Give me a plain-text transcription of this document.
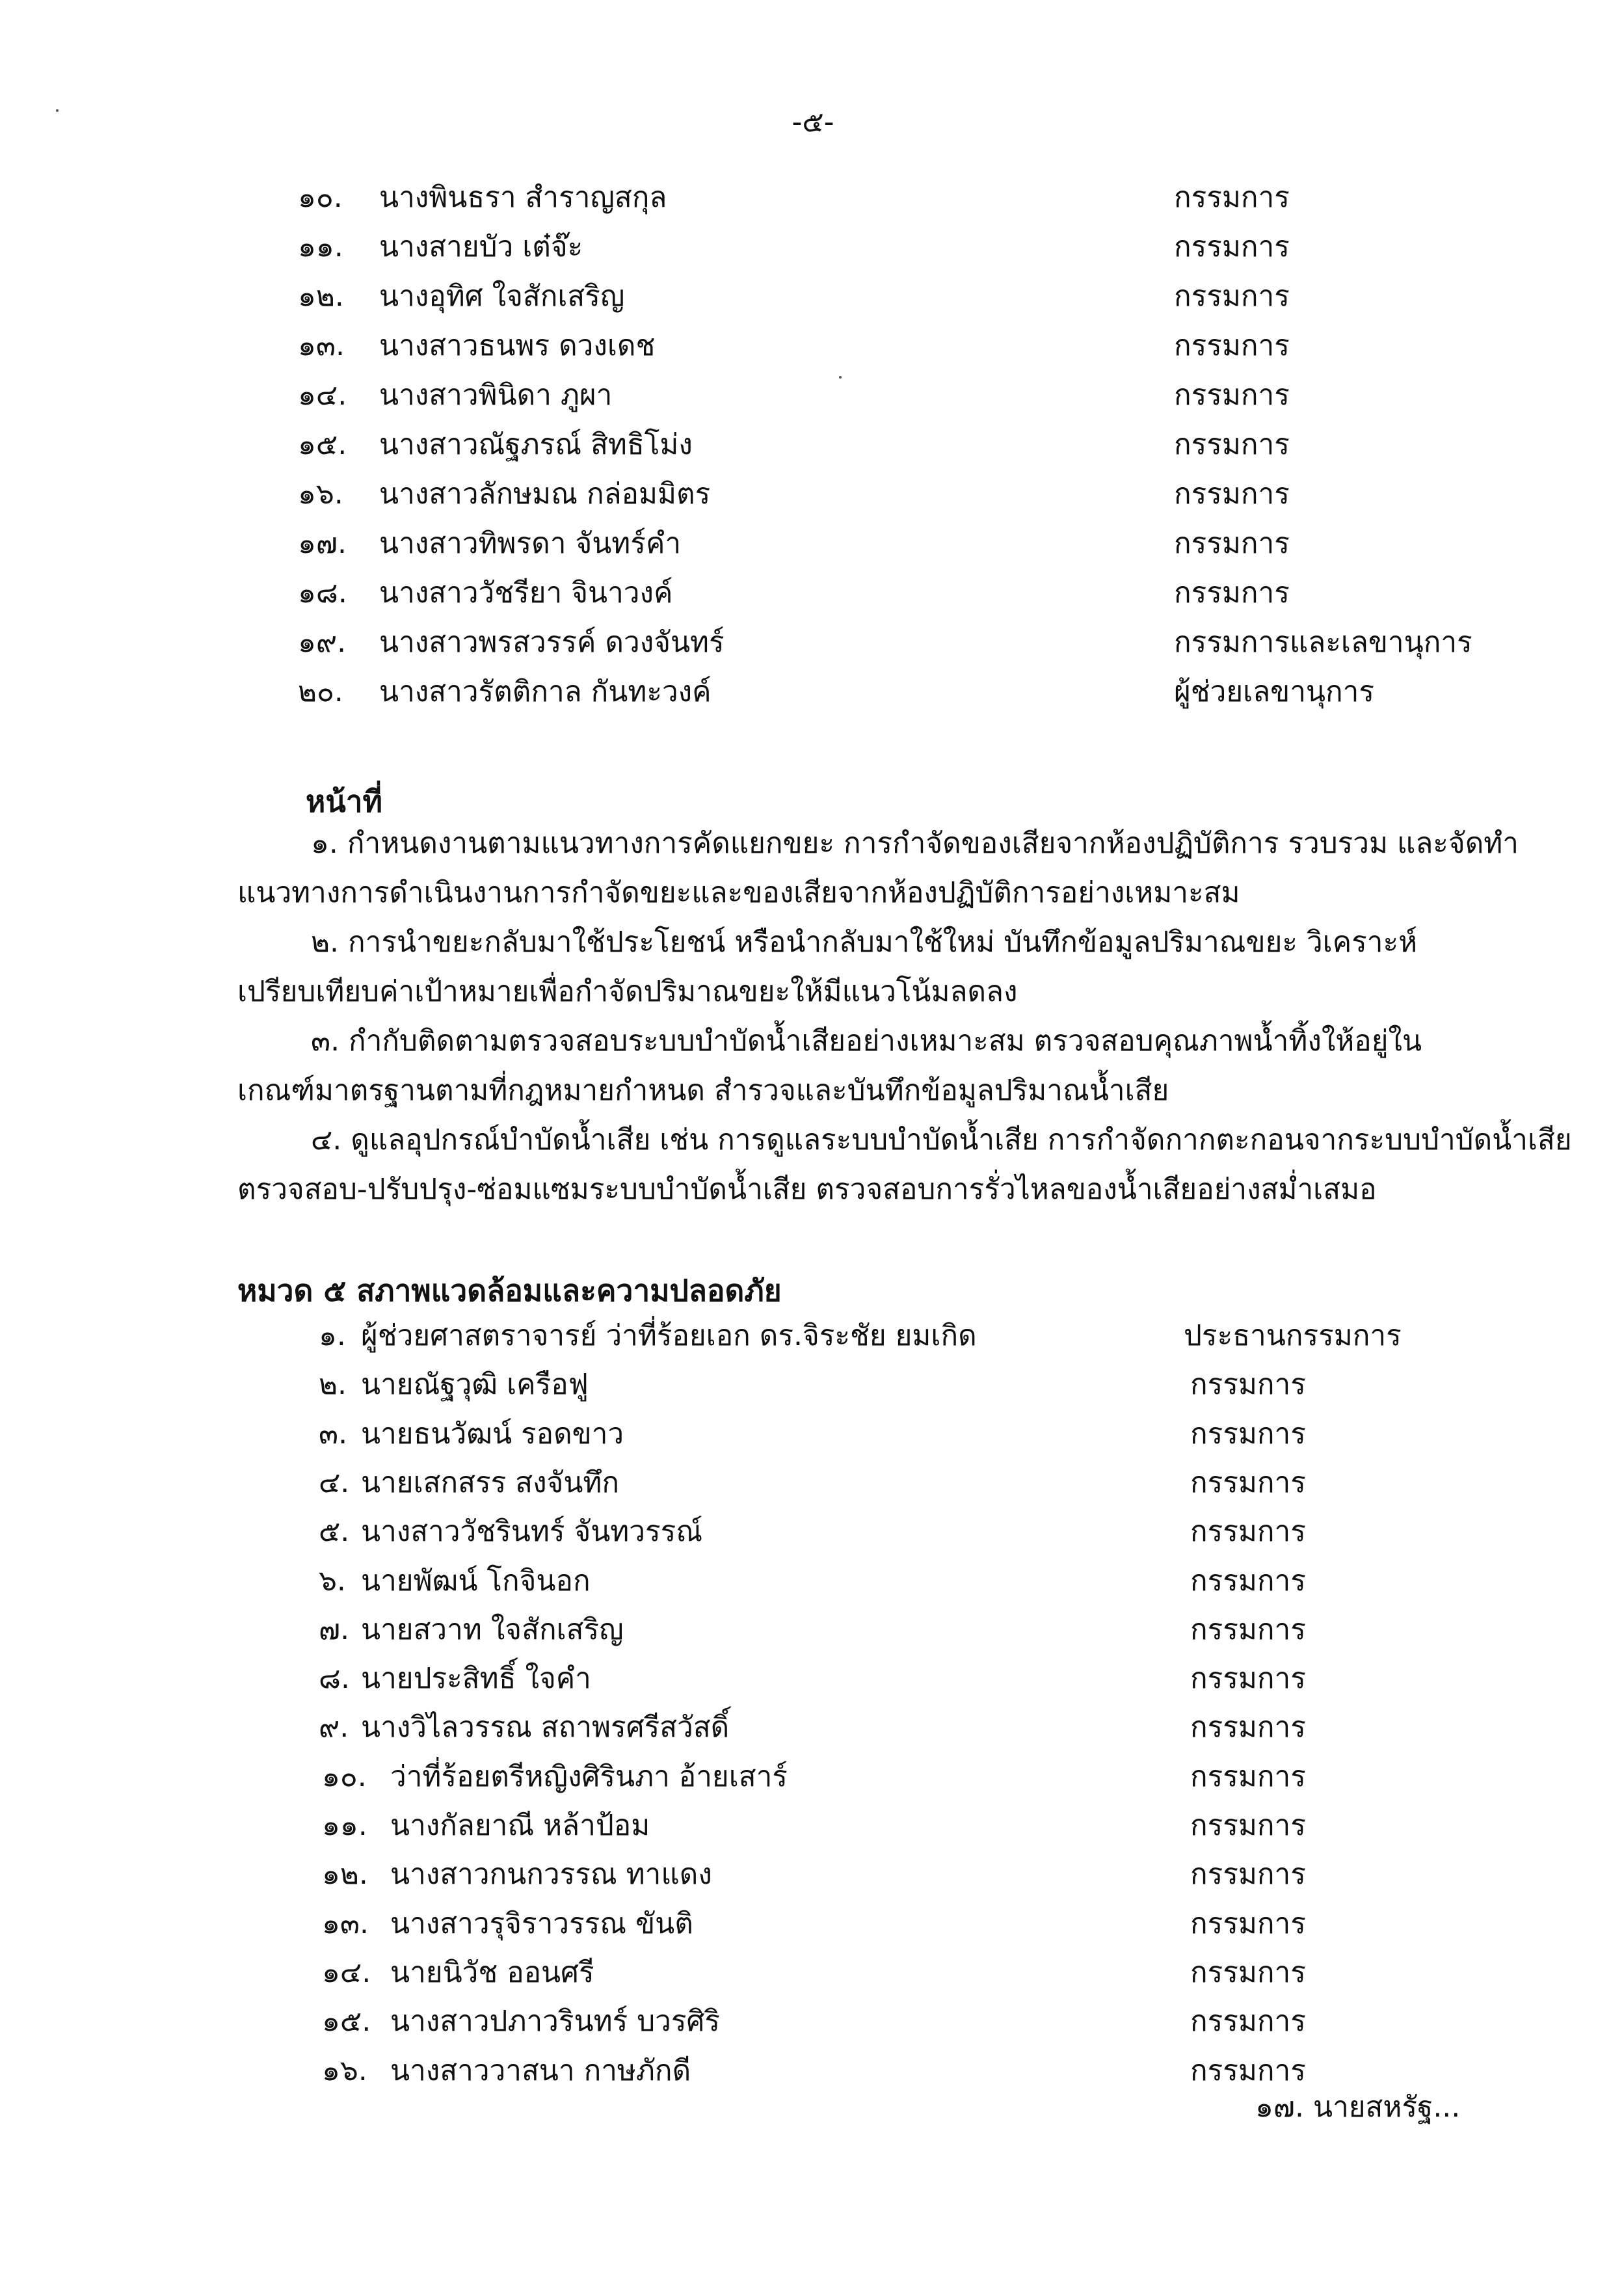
-๕-
๑๐. นางพินธรา สำราญสกุล	กรรมการ
๑๑. นางสายบัว เต๋จ๊ะ	กรรมการ
๑๒. นางอุทิศ ใจสักเสริญ	กรรมการ
๑๓. นางสาวธนพร ดวงเดช	กรรมการ
๑๔. นางสาวพินิดา ภูผา	กรรมการ
๑๕. นางสาวณัฐภรณ์ สิทธิโม่ง	กรรมการ
๑๖. นางสาวลักษมณ กล่อมมิตร	กรรมการ
๑๗. นางสาวทิพรดา จันทร์คำ	กรรมการ
๑๘. นางสาววัชรียา จินาวงค์	กรรมการ
๑๙. นางสาวพรสวรรค์ ดวงจันทร์	กรรมการและเลขานุการ
๒๐. นางสาวรัตติกาล กันทะวงค์	ผู้ช่วยเลขานุการ
หน้าที่
๑. กำหนดงานตามแนวทางการคัดแยกขยะ การกำจัดของเสียจากห้องปฏิบัติการ รวบรวม และจัดทำ
แนวทางการดำเนินงานการกำจัดขยะและของเสียจากห้องปฏิบัติการอย่างเหมาะสม
๒. การนำขยะกลับมาใช้ประโยชน์ หรือนำกลับมาใช้ใหม่ บันทึกข้อมูลปริมาณขยะ วิเคราะห์
เปรียบเทียบค่าเป้าหมายเพื่อกำจัดปริมาณขยะให้มีแนวโน้มลดลง
๓. กำกับติดตามตรวจสอบระบบบำบัดน้ำเสียอย่างเหมาะสม ตรวจสอบคุณภาพน้ำทิ้งให้อยู่ใน
เกณฑ์มาตรฐานตามที่กฎหมายกำหนด สำรวจและบันทึกข้อมูลปริมาณน้ำเสีย
๔. ดูแลอุปกรณ์บำบัดน้ำเสีย เช่น การดูแลระบบบำบัดน้ำเสีย การกำจัดกากตะกอนจากระบบบำบัดน้ำเสีย
ตรวจสอบ-ปรับปรุง-ซ่อมแซมระบบบำบัดน้ำเสีย ตรวจสอบการรั่วไหลของน้ำเสียอย่างสม่ำเสมอ
หมวด ๕ สภาพแวดล้อมและความปลอดภัย
๑. ผู้ช่วยศาสตราจารย์ ว่าที่ร้อยเอก ดร.จิระชัย ยมเกิด	ประธานกรรมการ
๒. นายณัฐวุฒิ เครือฟู	กรรมการ
๓. นายธนวัฒน์ รอดขาว	กรรมการ
๔. นายเสกสรร สงจันทึก	กรรมการ
๕. นางสาววัชรินทร์ จันทวรรณ์	กรรมการ
๖. นายพัฒน์ โกจินอก	กรรมการ
๗. นายสวาท ใจสักเสริญ	กรรมการ
๘. นายประสิทธิ์ ใจคำ	กรรมการ
๙. นางวิไลวรรณ สถาพรศรีสวัสดิ์	กรรมการ
๑๐. ว่าที่ร้อยตรีหญิงศิรินภา อ้ายเสาร์	กรรมการ
๑๑. นางกัลยาณี หล้าป้อม	กรรมการ
๑๒. นางสาวกนกวรรณ ทาแดง	กรรมการ
๑๓. นางสาวรุจิราวรรณ ขันติ	กรรมการ
๑๔. นายนิวัช ออนศรี	กรรมการ
๑๕. นางสาวปภาวรินทร์ บวรศิริ	กรรมการ
๑๖. นางสาววาสนา กาษภักดี	กรรมการ
๑๗. นายสหรัฐ...
